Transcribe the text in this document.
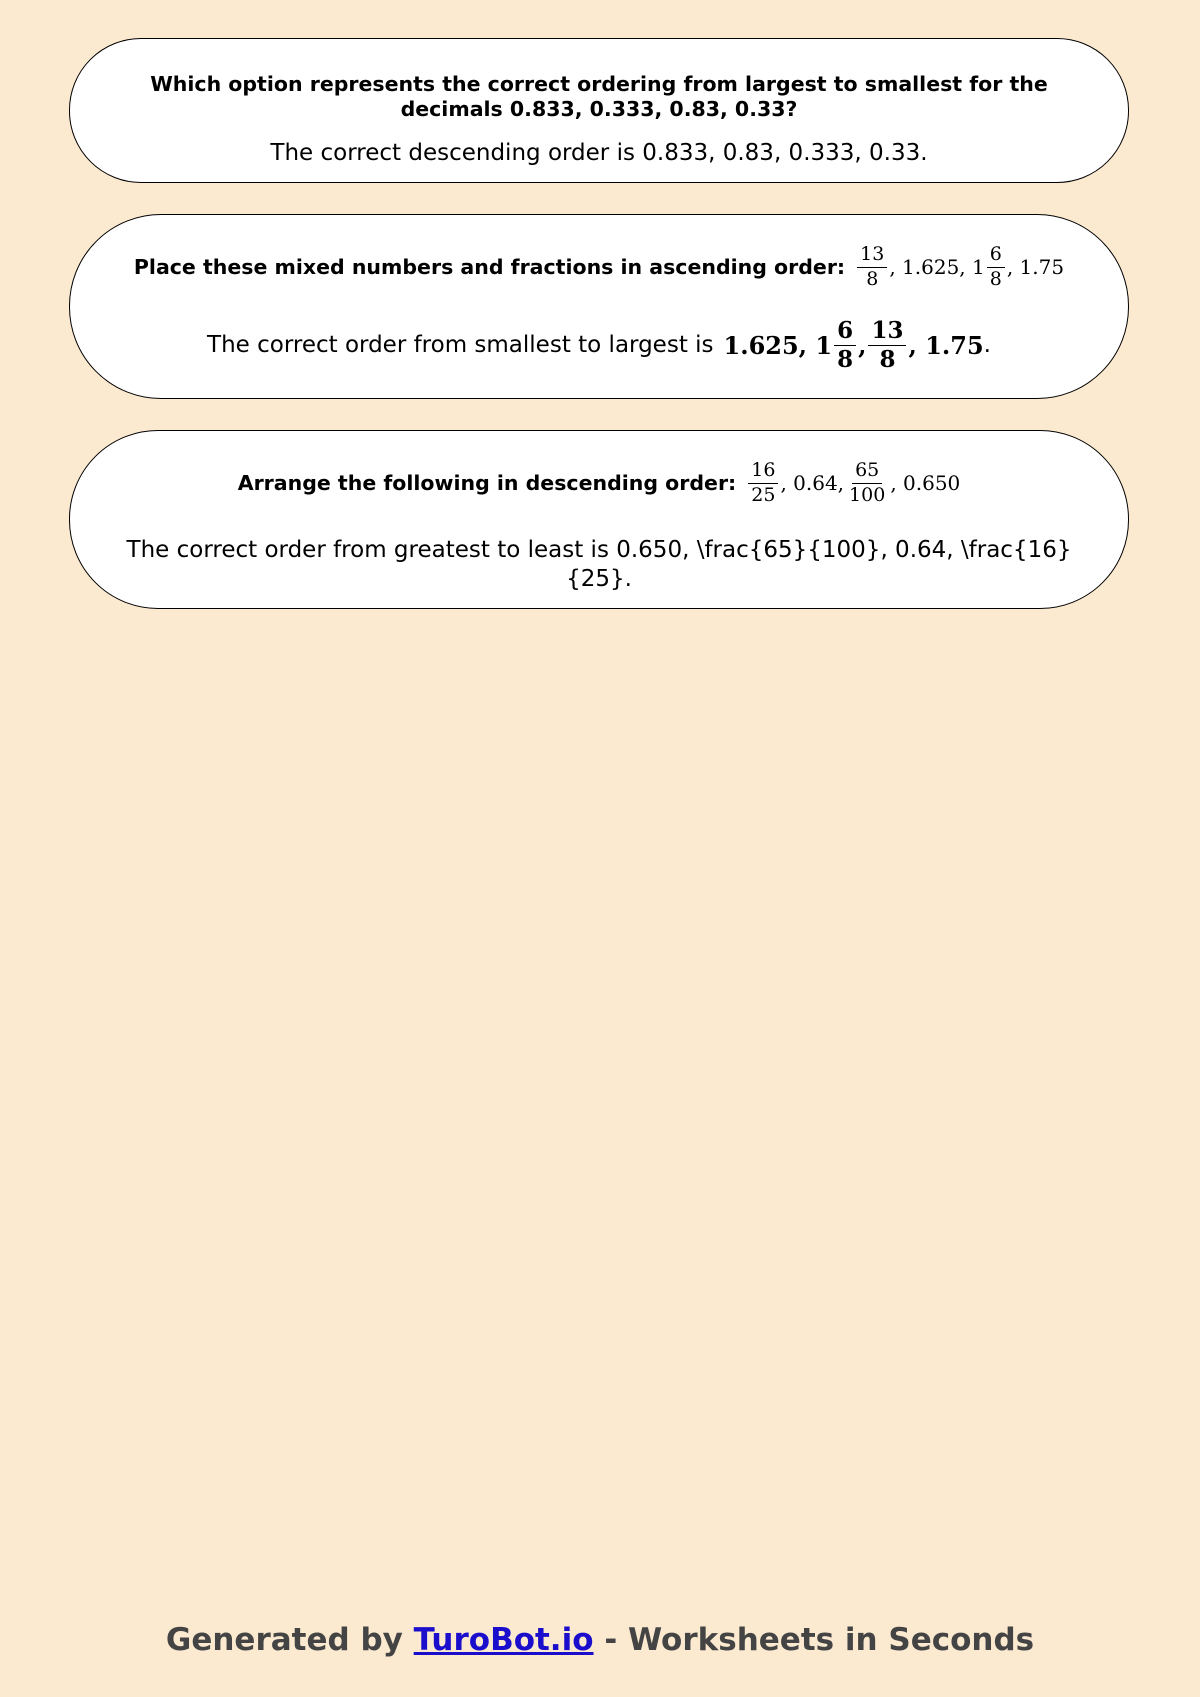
Which option represents the correct ordering from largest to smallest for the decimals 0.833, 0.333, 0.83, 0.33?
The correct descending order is 0.833, 0.83, 0.333, 0.33.
Place these mixed numbers and fractions in ascending order: $\frac{13}{8}$ , 1.625, $1 \frac{6}{8}$ , 1.75
The correct order from smallest to largest is 1.625, $1 \frac{6}{8}$ , $\frac{13}{8}$ , 1.75 .
Arrange the following in descending order: $\frac{16}{25}$ , 0.64, $\frac{65}{100}$ , 0.650
The correct order from greatest to least is 0.650, \frac{65}{100}, 0.64, \frac{16}{25}.
Generated by TuroBot.io - Worksheets in Seconds
